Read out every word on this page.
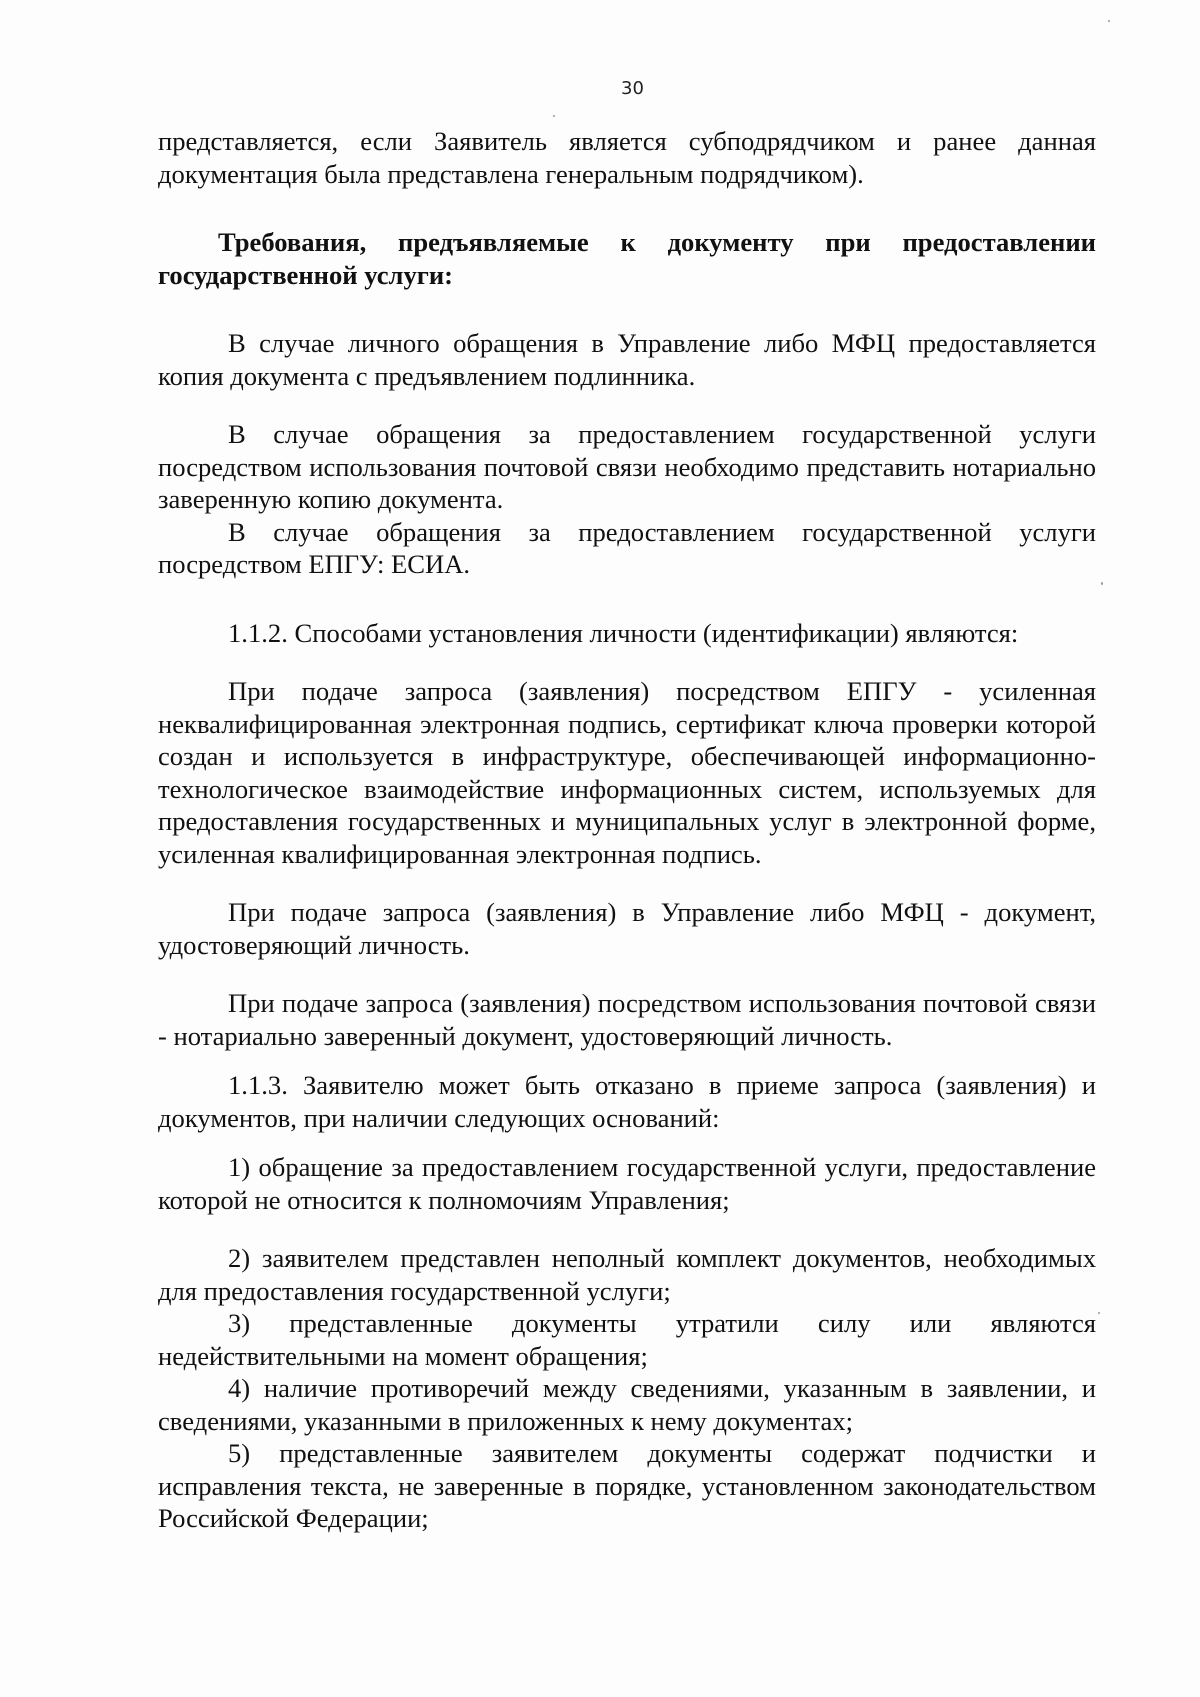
30

представляется, если Заявитель является субподрядчиком и ранее данная документация была представлена генеральным подрядчиком).

Требования, предъявляемые к документу при предоставлении государственной услуги:

В случае личного обращения в Управление либо МФЦ предоставляется копия документа с предъявлением подлинника.

В случае обращения за предоставлением государственной услуги посредством использования почтовой связи необходимо представить нотариально заверенную копию документа.

В случае обращения за предоставлением государственной услуги посредством ЕПГУ: ЕСИА.

1.1.2. Способами установления личности (идентификации) являются:

При подаче запроса (заявления) посредством ЕПГУ - усиленная неквалифицированная электронная подпись, сертификат ключа проверки которой создан и используется в инфраструктуре, обеспечивающей информационно-технологическое взаимодействие информационных систем, используемых для предоставления государственных и муниципальных услуг в электронной форме, усиленная квалифицированная электронная подпись.

При подаче запроса (заявления) в Управление либо МФЦ - документ, удостоверяющий личность.

При подаче запроса (заявления) посредством использования почтовой связи - нотариально заверенный документ, удостоверяющий личность.

1.1.3. Заявителю может быть отказано в приеме запроса (заявления) и документов, при наличии следующих оснований:

1) обращение за предоставлением государственной услуги, предоставление которой не относится к полномочиям Управления;

2) заявителем представлен неполный комплект документов, необходимых для предоставления государственной услуги;

3) представленные документы утратили силу или являются недействительными на момент обращения;

4) наличие противоречий между сведениями, указанным в заявлении, и сведениями, указанными в приложенных к нему документах;

5) представленные заявителем документы содержат подчистки и исправления текста, не заверенные в порядке, установленном законодательством Российской Федерации;
